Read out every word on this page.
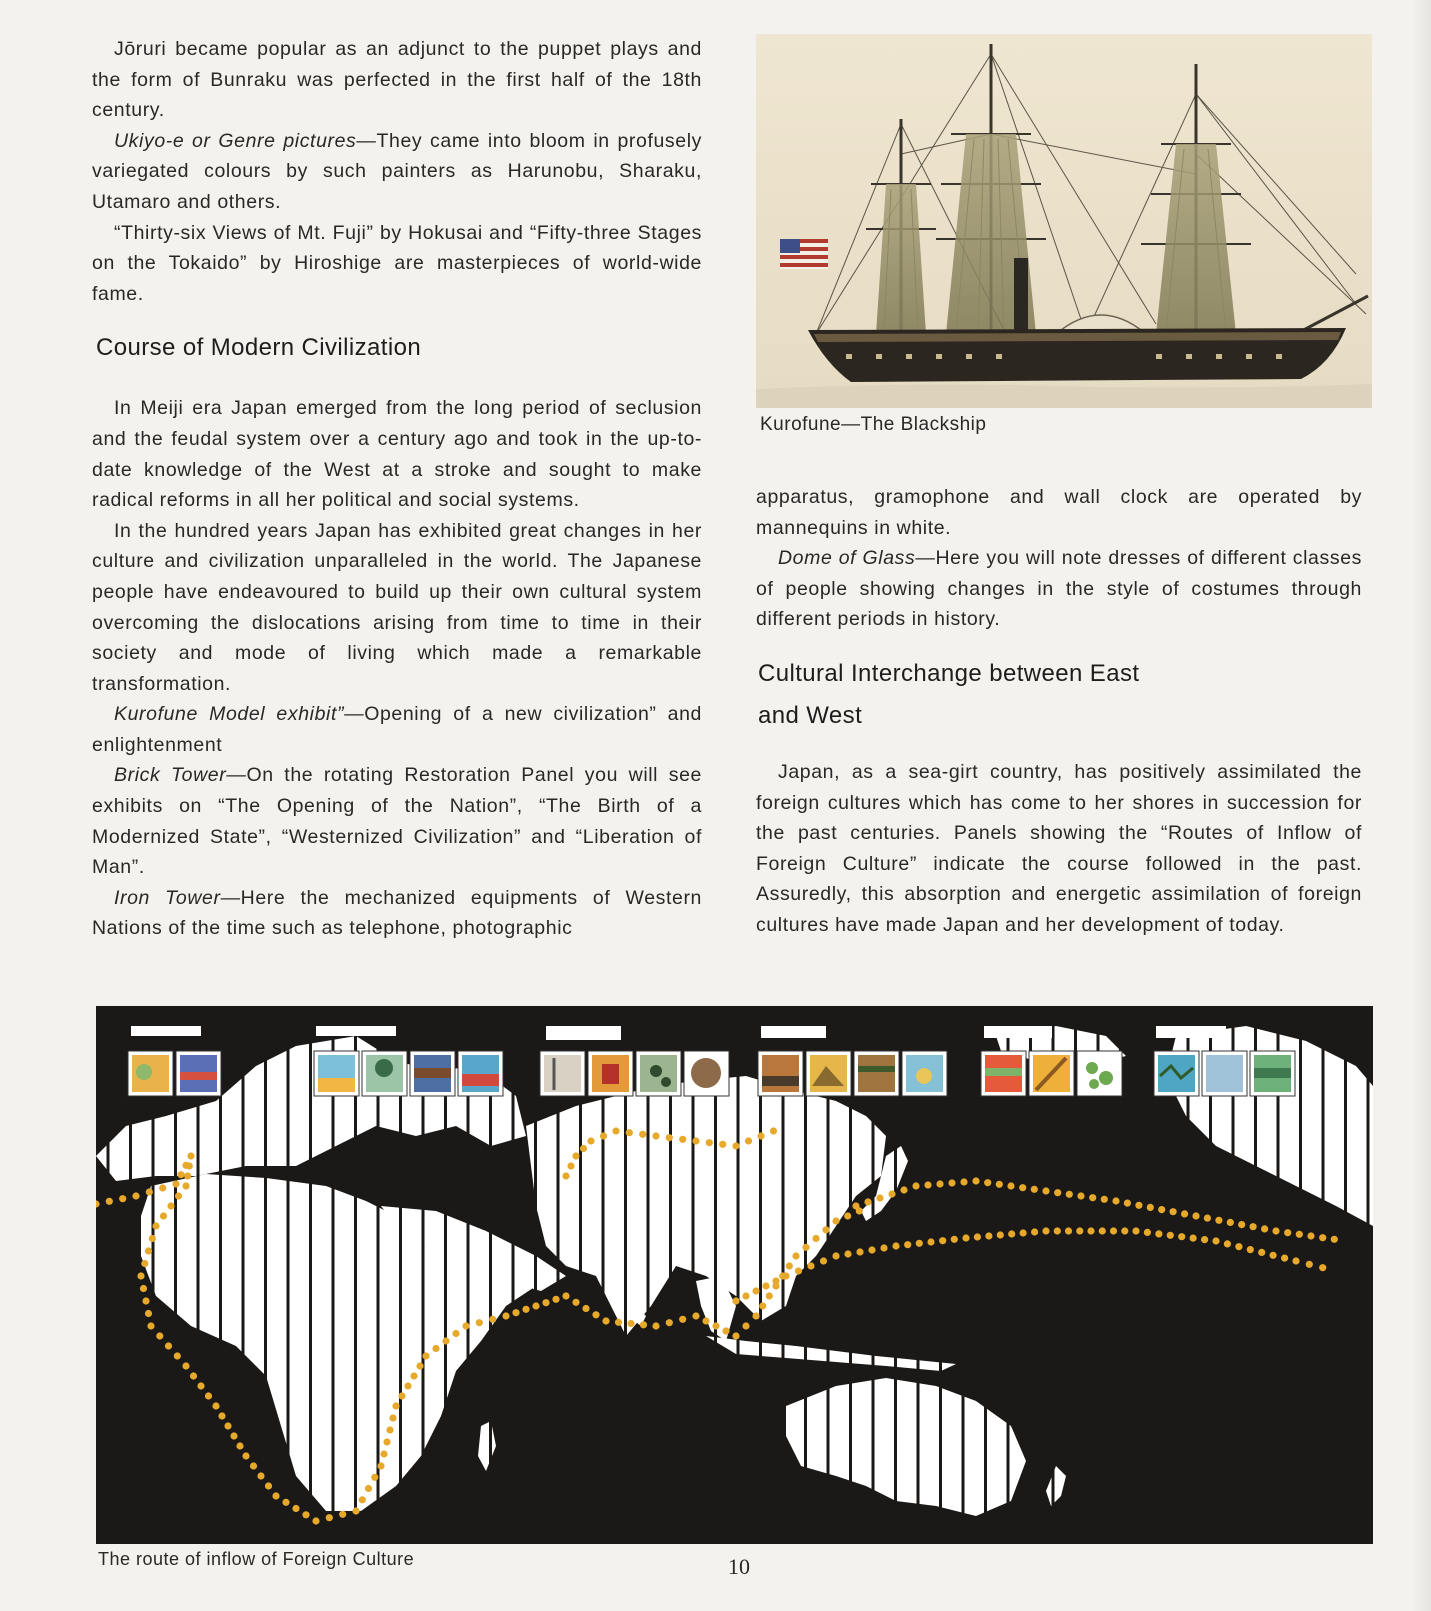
Jōruri became popular as an adjunct to the puppet plays and the form of Bunraku was perfected in the first half of the 18th century.

Ukiyo-e or Genre pictures—They came into bloom in profusely variegated colours by such painters as Harunobu, Sharaku, Utamaro and others.

“Thirty-six Views of Mt. Fuji” by Hokusai and “Fifty-three Stages on the Tokaido” by Hiroshige are masterpieces of world-wide fame.

Course of Modern Civilization

In Meiji era Japan emerged from the long period of seclusion and the feudal system over a century ago and took in the up-to-date knowledge of the West at a stroke and sought to make radical reforms in all her political and social systems.

In the hundred years Japan has exhibited great changes in her culture and civilization unparalleled in the world. The Japanese people have endeavoured to build up their own cultural system overcoming the dislocations arising from time to time in their society and mode of living which made a remarkable transformation.

Kurofune Model exhibit”—Opening of a new civilization” and enlightenment

Brick Tower—On the rotating Restoration Panel you will see exhibits on “The Opening of the Nation”, “The Birth of a Modernized State”, “Westernized Civilization” and “Liberation of Man”.

Iron Tower—Here the mechanized equipments of Western Nations of the time such as telephone, photographic

Kurofune—The Blackship

apparatus, gramophone and wall clock are operated by mannequins in white.

Dome of Glass—Here you will note dresses of different classes of people showing changes in the style of costumes through different periods in history.

Cultural Interchange between East
and West

Japan, as a sea-girt country, has positively assimilated the foreign cultures which has come to her shores in succession for the past centuries. Panels showing the “Routes of Inflow of Foreign Culture” indicate the course followed in the past. Assuredly, this absorption and energetic assimilation of foreign cultures have made Japan and her development of today.

The route of inflow of Foreign Culture	10
